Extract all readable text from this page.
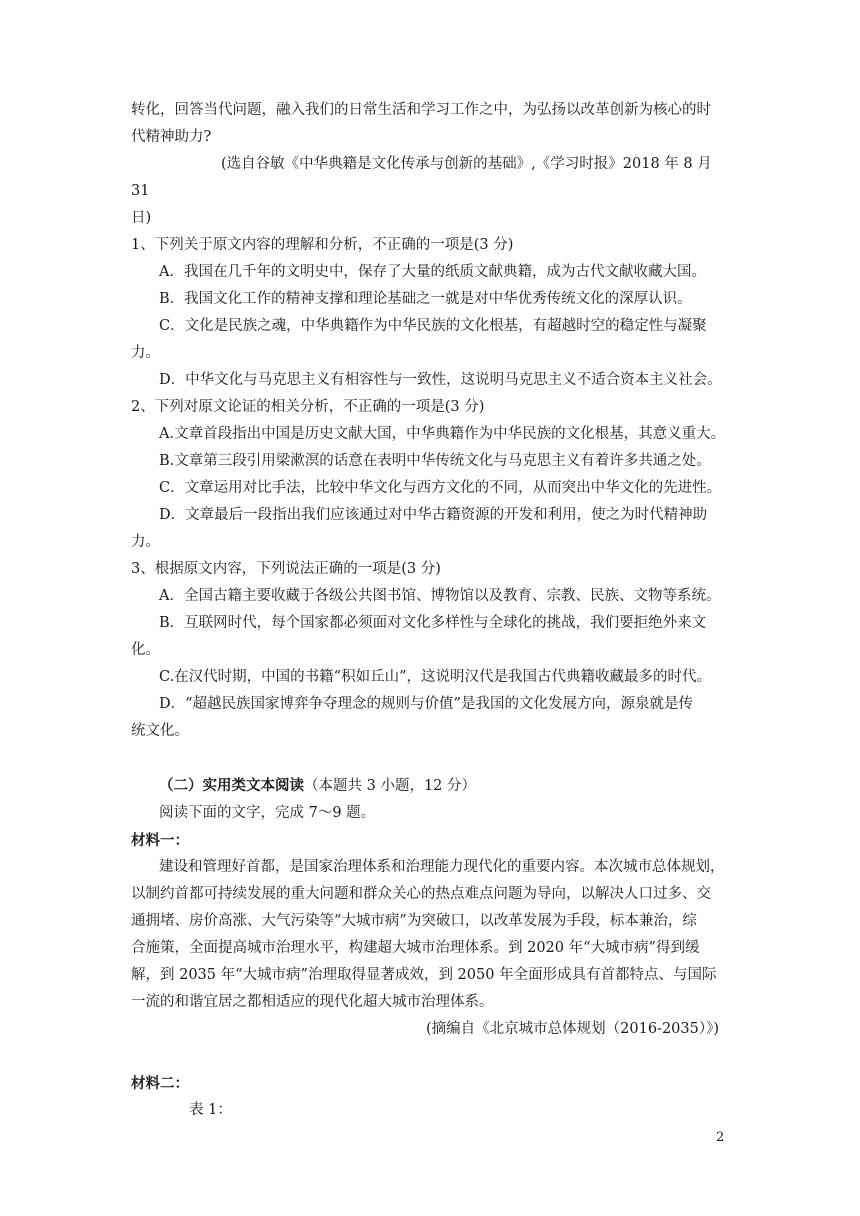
转化，回答当代问题，融入我们的日常生活和学习工作之中，为弘扬以改革创新为核心的时

代精神助力?

(选自谷敏《中华典籍是文化传承与创新的基础》,《学习时报》2018 年 8 月 31

日)

1、下列关于原文内容的理解和分析，不正确的一项是(3 分)

A．我国在几千年的文明史中，保存了大量的纸质文献典籍，成为古代文献收藏大国。

B．我国文化工作的精神支撑和理论基础之一就是对中华优秀传统文化的深厚认识。

C．文化是民族之魂，中华典籍作为中华民族的文化根基，有超越时空的稳定性与凝聚

力。

D．中华文化与马克思主义有相容性与一致性，这说明马克思主义不适合资本主义社会。

2、下列对原文论证的相关分析，不正确的一项是(3 分)

A.文章首段指出中国是历史文献大国，中华典籍作为中华民族的文化根基，其意义重大。

B.文章第三段引用梁漱溟的话意在表明中华传统文化与马克思主义有着许多共通之处。

C．文章运用对比手法，比较中华文化与西方文化的不同，从而突出中华文化的先进性。

D．文章最后一段指出我们应该通过对中华古籍资源的开发和利用，使之为时代精神助

力。

3、根据原文内容，下列说法正确的一项是(3 分)

A．全国古籍主要收藏于各级公共图书馆、博物馆以及教育、宗教、民族、文物等系统。

B．互联网时代，每个国家都必须面对文化多样性与全球化的挑战，我们要拒绝外来文

化。

C.在汉代时期，中国的书籍“积如丘山”，这说明汉代是我国古代典籍收藏最多的时代。

D．“超越民族国家博弈争夺理念的规则与价值”是我国的文化发展方向，源泉就是传

统文化。

（二）实用类文本阅读（本题共 3 小题，12 分）

阅读下面的文字，完成 7～9 题。

材料一：

建设和管理好首都，是国家治理体系和治理能力现代化的重要内容。本次城市总体规划，

以制约首都可持续发展的重大问题和群众关心的热点难点问题为导向，以解决人口过多、交

通拥堵、房价高涨、大气污染等“大城市病”为突破口，以改革发展为手段，标本兼治，综

合施策，全面提高城市治理水平，构建超大城市治理体系。到 2020 年“大城市病”得到缓

解，到 2035 年“大城市病”治理取得显著成效，到 2050 年全面形成具有首都特点、与国际

一流的和谐宜居之都相适应的现代化超大城市治理体系。

(摘编自《北京城市总体规划（2016-2035）》)

材料二：

表 1：

2
